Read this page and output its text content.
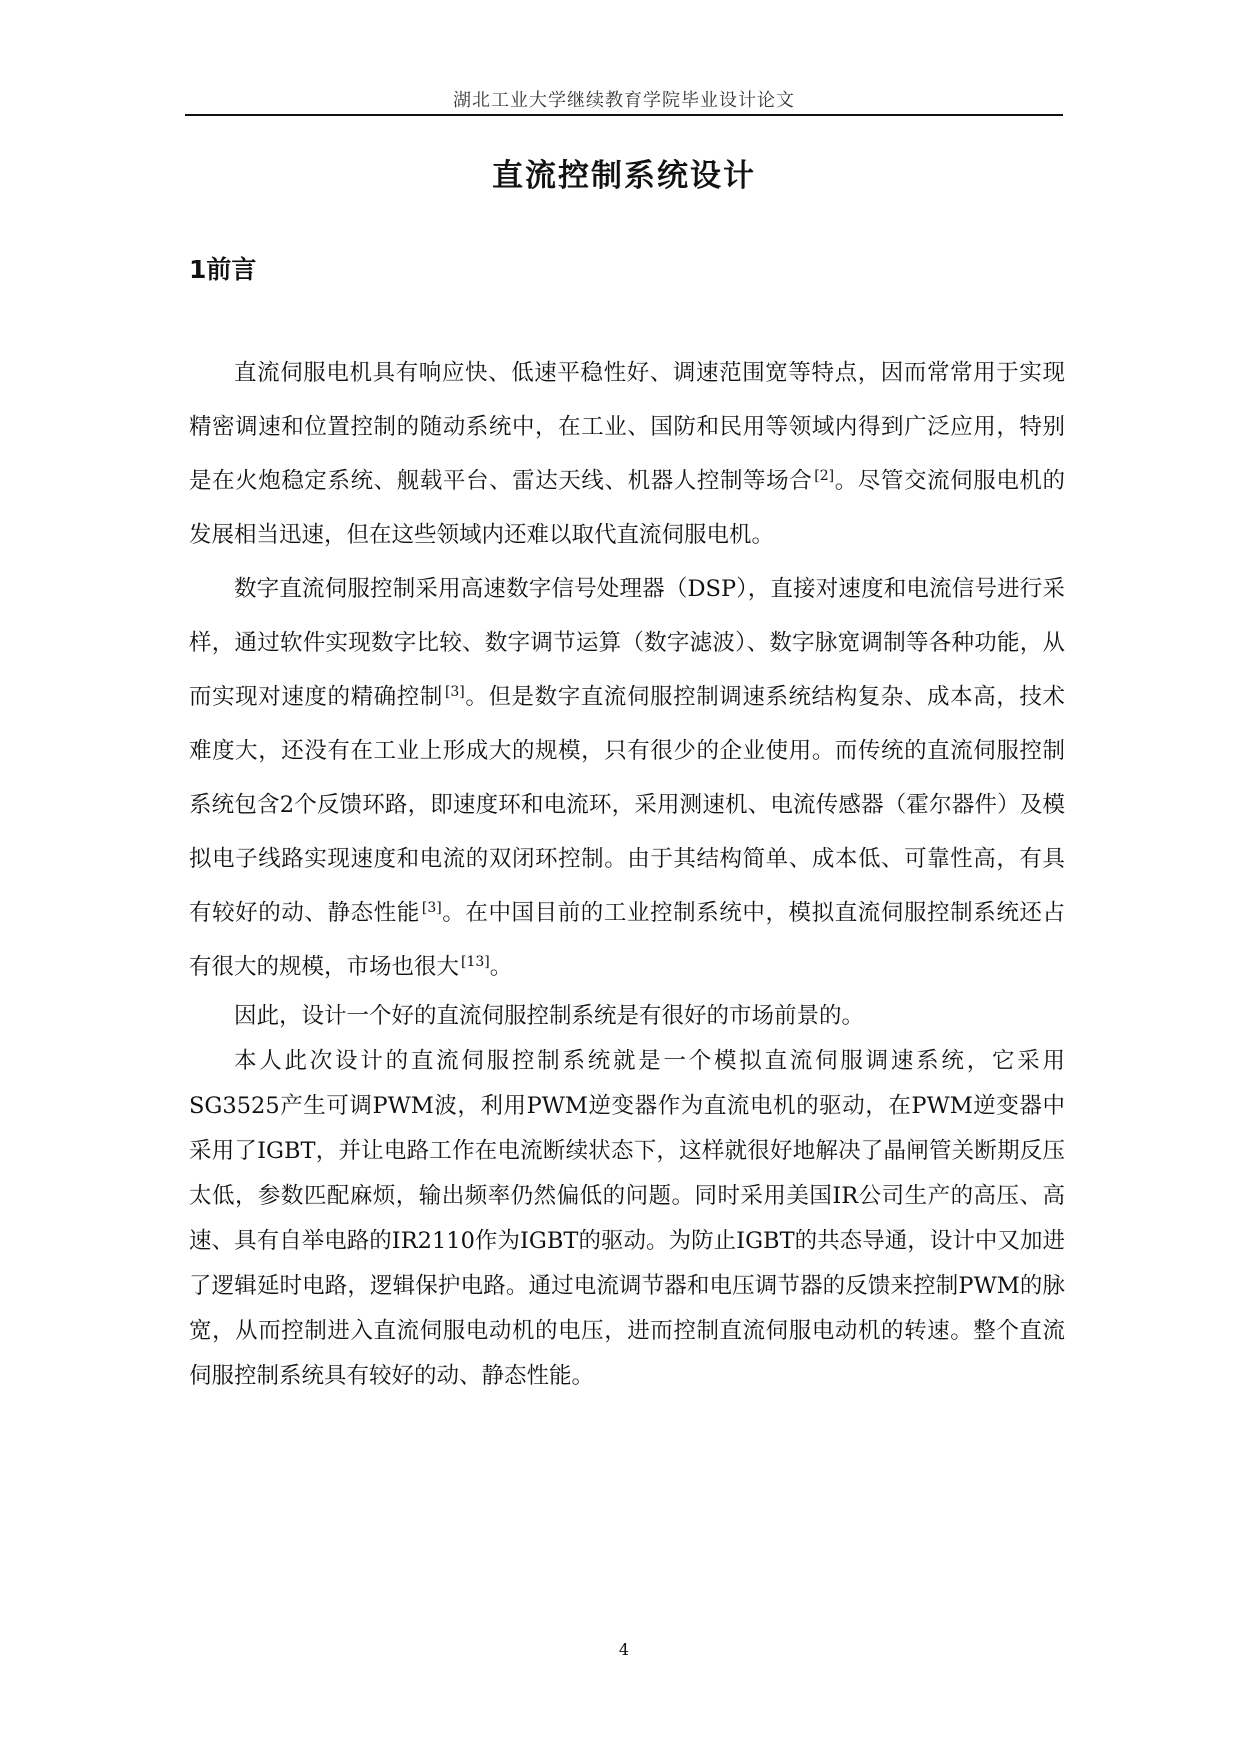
湖北工业大学继续教育学院毕业设计论文
直流控制系统设计
1前言

直流伺服电机具有响应快、低速平稳性好、调速范围宽等特点，因而常常用于实现精密调速和位置控制的随动系统中，在工业、国防和民用等领域内得到广泛应用，特别是在火炮稳定系统、舰载平台、雷达天线、机器人控制等场合 [2]。尽管交流伺服电机的发展相当迅速，但在这些领域内还难以取代直流伺服电机。

数字直流伺服控制采用高速数字信号处理器（DSP），直接对速度和电流信号进行采样，通过软件实现数字比较、数字调节运算（数字滤波）、数字脉宽调制等各种功能，从而实现对速度的精确控制 [3]。但是数字直流伺服控制调速系统结构复杂、成本高，技术难度大，还没有在工业上形成大的规模，只有很少的企业使用。而传统的直流伺服控制系统包含2个反馈环路，即速度环和电流环，采用测速机、电流传感器（霍尔器件）及模拟电子线路实现速度和电流的双闭环控制。由于其结构简单、成本低、可靠性高，有具有较好的动、静态性能 [3]。在中国目前的工业控制系统中，模拟直流伺服控制系统还占有很大的规模，市场也很大 [13]。

因此，设计一个好的直流伺服控制系统是有很好的市场前景的。

本人此次设计的直流伺服控制系统就是一个模拟直流伺服调速系统，它采用SG3525产生可调PWM波，利用PWM逆变器作为直流电机的驱动，在PWM逆变器中采用了IGBT，并让电路工作在电流断续状态下，这样就很好地解决了晶闸管关断期反压太低，参数匹配麻烦，输出频率仍然偏低的问题。同时采用美国IR公司生产的高压、高速、具有自举电路的IR2110作为IGBT的驱动。为防止IGBT的共态导通，设计中又加进了逻辑延时电路，逻辑保护电路。通过电流调节器和电压调节器的反馈来控制PWM的脉宽，从而控制进入直流伺服电动机的电压，进而控制直流伺服电动机的转速。整个直流伺服控制系统具有较好的动、静态性能。

4
